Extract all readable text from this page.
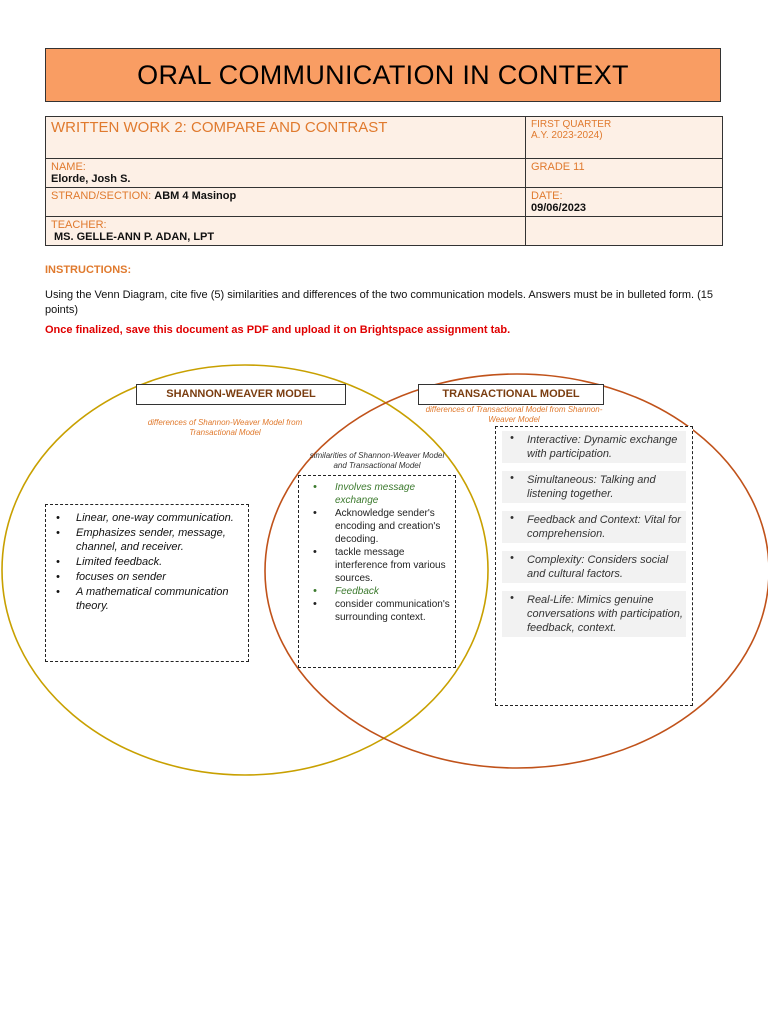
ORAL COMMUNICATION IN CONTEXT
WRITTEN WORK 2: COMPARE AND CONTRAST	FIRST QUARTER
A.Y. 2023-2024)

NAME:
Elorde, Josh S.	GRADE 11

STRAND/SECTION: ABM 4 Masinop	DATE:
09/06/2023

TEACHER:
MS. GELLE-ANN P. ADAN, LPT	

INSTRUCTIONS:
Using the Venn Diagram, cite five (5) similarities and differences of the two communication models. Answers must be in bulleted form. (15 points)
Once finalized, save this document as PDF and upload it on Brightspace assignment tab.
SHANNON-WEAVER MODEL	TRANSACTIONAL MODEL
differences of Shannon-Weaver Model from Transactional Model
differences of Transactional Model from Shannon-Weaver Model
similarities of Shannon-Weaver Model and Transactional Model
• Linear, one-way communication.
• Emphasizes sender, message, channel, and receiver.
• Limited feedback.
• focuses on sender
• A mathematical communication theory.
• Involves message exchange
• Acknowledge sender's encoding and creation's decoding.
• tackle message interference from various sources.
• Feedback
• consider communication's surrounding context.
• Interactive: Dynamic exchange with participation.
• Simultaneous: Talking and listening together.
• Feedback and Context: Vital for comprehension.
• Complexity: Considers social and cultural factors.
• Real-Life: Mimics genuine conversations with participation, feedback, context.
